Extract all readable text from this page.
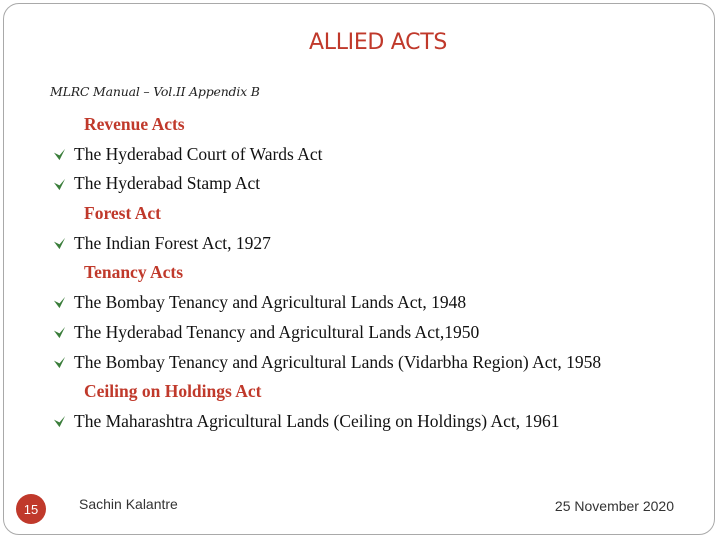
ALLIED ACTS
MLRC Manual – Vol.II Appendix B
Revenue Acts
The Hyderabad Court of Wards Act
The Hyderabad Stamp Act
Forest Act
The Indian Forest Act, 1927
Tenancy Acts
The Bombay Tenancy and Agricultural Lands Act, 1948
The Hyderabad Tenancy and Agricultural Lands Act,1950
The Bombay Tenancy and Agricultural Lands (Vidarbha Region) Act, 1958
Ceiling on Holdings Act
The Maharashtra Agricultural Lands (Ceiling on Holdings) Act, 1961
15	Sachin Kalantre	25 November 2020
